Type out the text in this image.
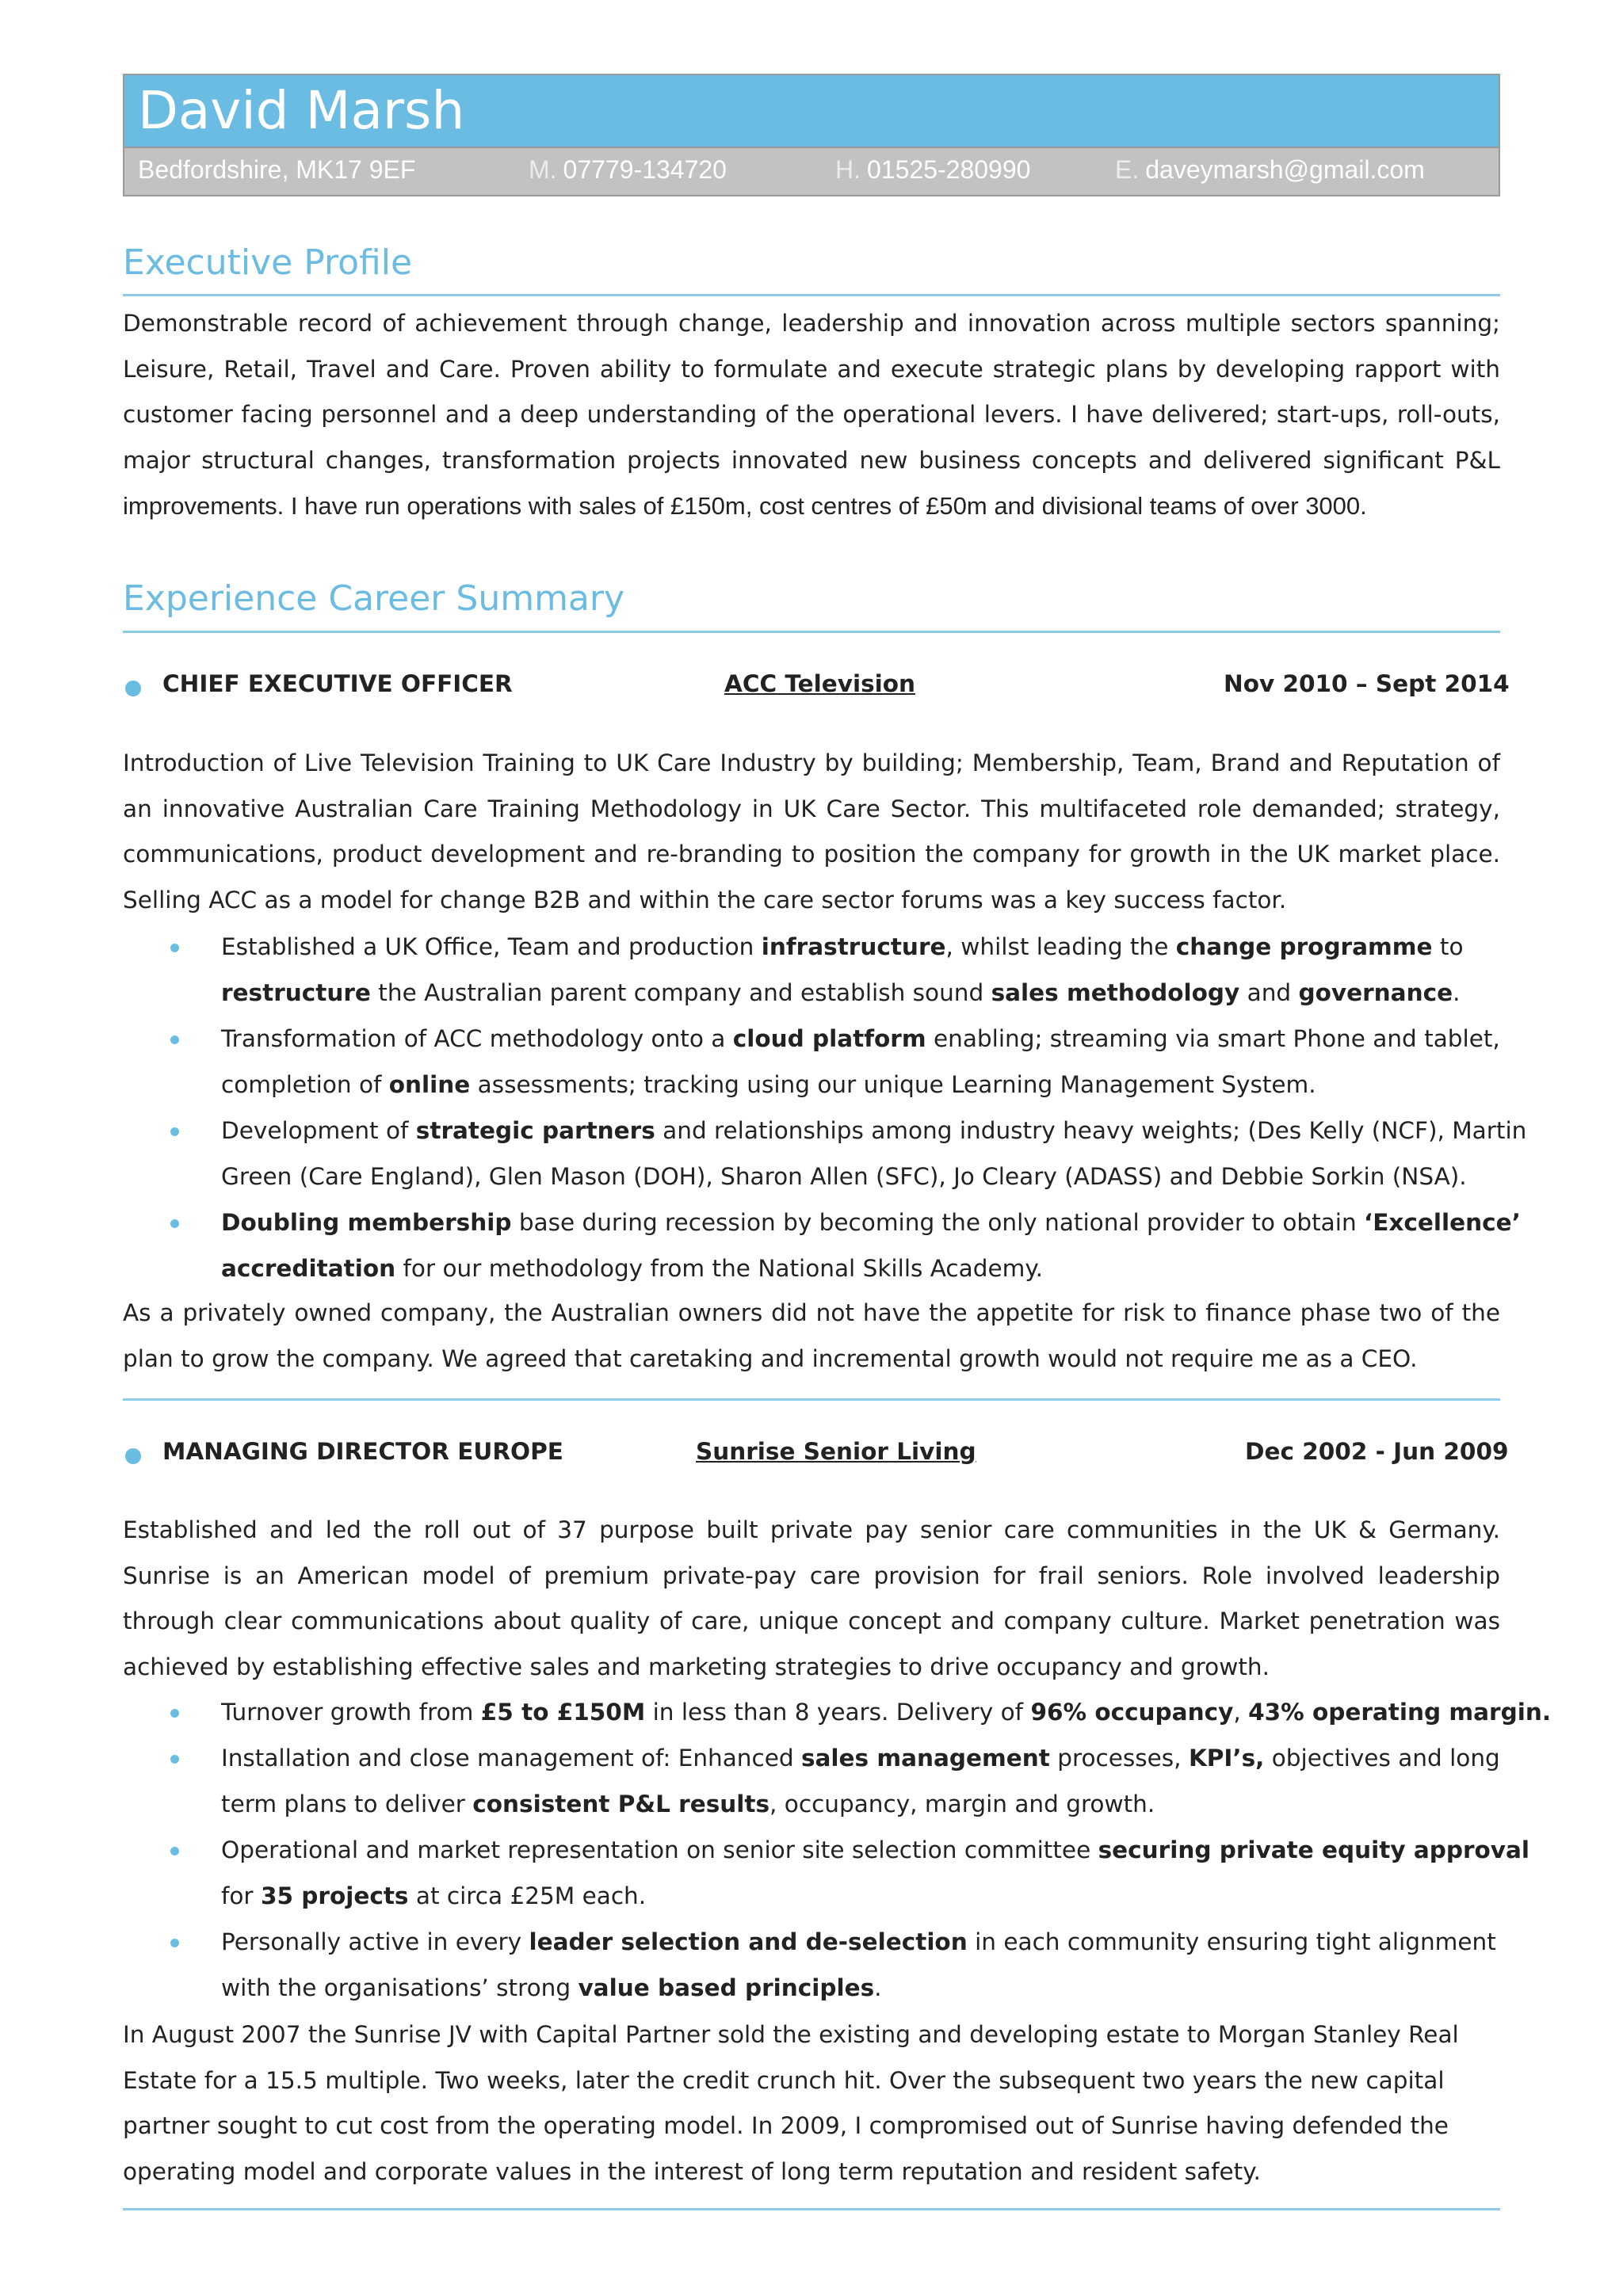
David Marsh
Bedfordshire, MK17 9EF	M. 07779-134720	H. 01525-280990	E. daveymarsh@gmail.com
Executive Profile
Demonstrable record of achievement through change, leadership and innovation across multiple sectors spanning;
Leisure, Retail, Travel and Care. Proven ability to formulate and execute strategic plans by developing rapport with
customer facing personnel and a deep understanding of the operational levers. I have delivered; start-ups, roll-outs,
major structural changes, transformation projects innovated new business concepts and delivered significant P&L
improvements. I have run operations with sales of £150m, cost centres of £50m and divisional teams of over 3000.
Experience Career Summary
CHIEF EXECUTIVE OFFICER	ACC Television	Nov 2010 – Sept 2014
Introduction of Live Television Training to UK Care Industry by building; Membership, Team, Brand and Reputation of
an innovative Australian Care Training Methodology in UK Care Sector. This multifaceted role demanded; strategy,
communications, product development and re-branding to position the company for growth in the UK market place.
Selling ACC as a model for change B2B and within the care sector forums was a key success factor.
Established a UK Office, Team and production infrastructure, whilst leading the change programme to
restructure the Australian parent company and establish sound sales methodology and governance.
Transformation of ACC methodology onto a cloud platform enabling; streaming via smart Phone and tablet,
completion of online assessments; tracking using our unique Learning Management System.
Development of strategic partners and relationships among industry heavy weights; (Des Kelly (NCF), Martin
Green (Care England), Glen Mason (DOH), Sharon Allen (SFC), Jo Cleary (ADASS) and Debbie Sorkin (NSA).
Doubling membership base during recession by becoming the only national provider to obtain ‘Excellence’
accreditation for our methodology from the National Skills Academy.
As a privately owned company, the Australian owners did not have the appetite for risk to finance phase two of the
plan to grow the company. We agreed that caretaking and incremental growth would not require me as a CEO.
MANAGING DIRECTOR EUROPE	Sunrise Senior Living	Dec 2002 - Jun 2009
Established and led the roll out of 37 purpose built private pay senior care communities in the UK & Germany.
Sunrise is an American model of premium private-pay care provision for frail seniors. Role involved leadership
through clear communications about quality of care, unique concept and company culture. Market penetration was
achieved by establishing effective sales and marketing strategies to drive occupancy and growth.
Turnover growth from £5 to £150M in less than 8 years. Delivery of 96% occupancy, 43% operating margin.
Installation and close management of: Enhanced sales management processes, KPI’s, objectives and long
term plans to deliver consistent P&L results, occupancy, margin and growth.
Operational and market representation on senior site selection committee securing private equity approval
for 35 projects at circa £25M each.
Personally active in every leader selection and de-selection in each community ensuring tight alignment
with the organisations’ strong value based principles.
In August 2007 the Sunrise JV with Capital Partner sold the existing and developing estate to Morgan Stanley Real
Estate for a 15.5 multiple. Two weeks, later the credit crunch hit. Over the subsequent two years the new capital
partner sought to cut cost from the operating model. In 2009, I compromised out of Sunrise having defended the
operating model and corporate values in the interest of long term reputation and resident safety.
